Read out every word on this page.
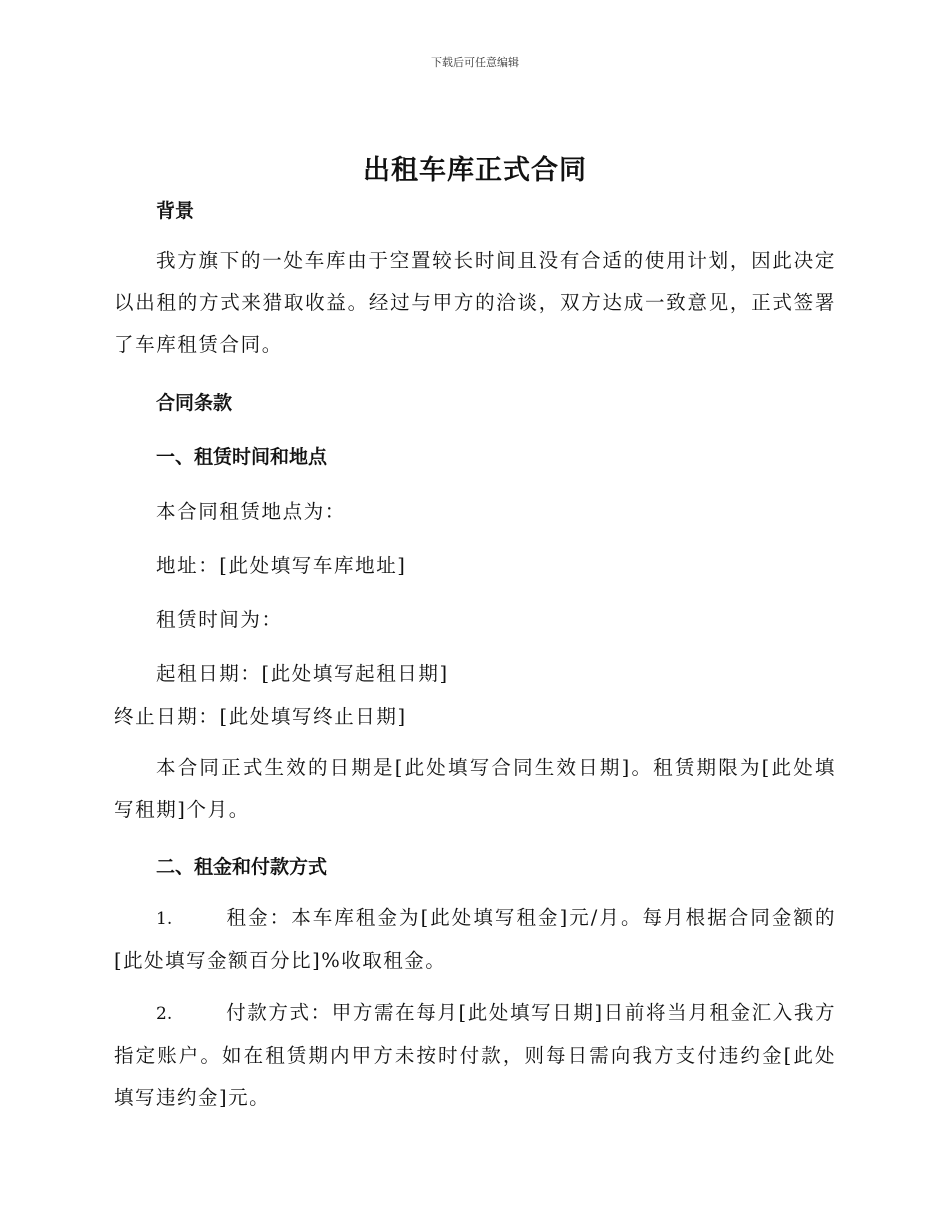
下载后可任意编辑
出租车库正式合同

背景

我方旗下的一处车库由于空置较长时间且没有合适的使用计划，因此决定以出租的方式来猎取收益。经过与甲方的洽谈，双方达成一致意见，正式签署了车库租赁合同。

合同条款

一、租赁时间和地点

本合同租赁地点为：

地址：[此处填写车库地址]

租赁时间为：

起租日期：[此处填写起租日期]

终止日期：[此处填写终止日期]

本合同正式生效的日期是[此处填写合同生效日期]。租赁期限为[此处填写租期]个月。

二、租金和付款方式

1.	租金：本车库租金为[此处填写租金]元/月。每月根据合同金额的[此处填写金额百分比]%收取租金。

2.	付款方式：甲方需在每月[此处填写日期]日前将当月租金汇入我方指定账户。如在租赁期内甲方未按时付款，则每日需向我方支付违约金[此处填写违约金]元。
